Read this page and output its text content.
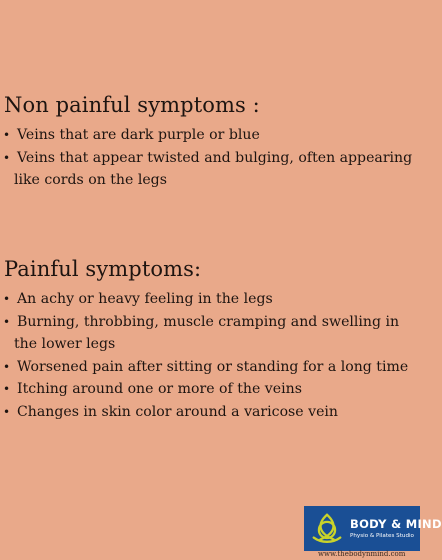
Non painful symptoms :
• Veins that are dark purple or blue
• Veins that appear twisted and bulging, often appearing like cords on the legs
Painful symptoms:
• An achy or heavy feeling in the legs
• Burning, throbbing, muscle cramping and swelling in the lower legs
• Worsened pain after sitting or standing for a long time
• Itching around one or more of the veins
• Changes in skin color around a varicose vein
BODY & MIND
Physio & Pilates Studio
www.thebodynmind.com
